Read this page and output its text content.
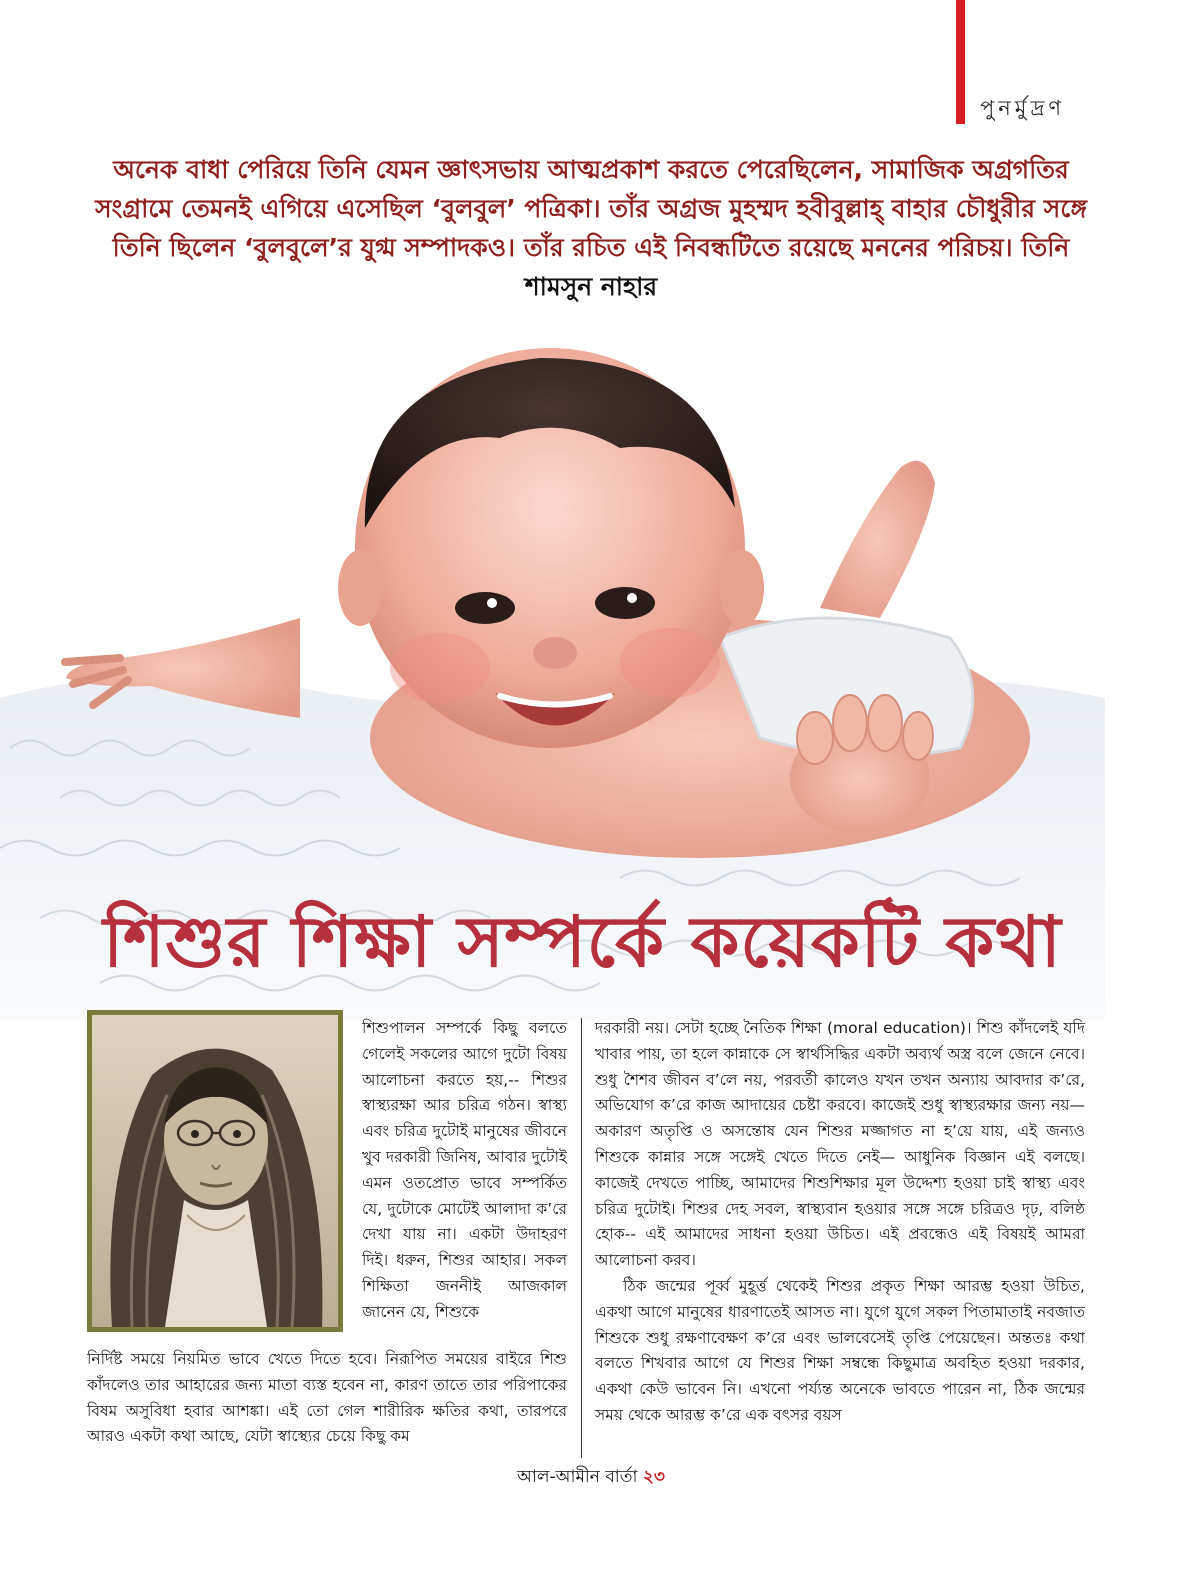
পুনর্মুদ্রণ
অনেক বাধা পেরিয়ে তিনি যেমন জ্ঞাৎসভায় আত্মপ্রকাশ করতে পেরেছিলেন, সামাজিক অগ্রগতির সংগ্রামে তেমনই এগিয়ে এসেছিল ‘বুলবুল’ পত্রিকা। তাঁর অগ্রজ মুহম্মদ হবীবুল্লাহ্ বাহার চৌধুরীর সঙ্গে তিনি ছিলেন ‘বুলবুলে’র যুগ্ম সম্পাদকও। তাঁর রচিত এই নিবন্ধটিতে রয়েছে মননের পরিচয়। তিনি শামসুন নাহার
শিশুর শিক্ষা সম্পর্কে কয়েকটি কথা

শিশুপালন সম্পর্কে কিছু বলতে গেলেই সকলের আগে দুটো বিষয় আলোচনা করতে হয়,-- শিশুর স্বাস্থ্যরক্ষা আর চরিত্র গঠন। স্বাস্থ্য এবং চরিত্র দুটোই মানুষের জীবনে খুব দরকারী জিনিষ, আবার দুটোই এমন ওতপ্রোত ভাবে সম্পর্কিত যে, দুটোকে মোটেই আলাদা ক’রে দেখা যায় না। একটা উদাহরণ দিই। ধরুন, শিশুর আহার। সকল শিক্ষিতা জননীই আজকাল জানেন যে, শিশুকে

নির্দিষ্ট সময়ে নিয়মিত ভাবে খেতে দিতে হবে। নিরূপিত সময়ের বাইরে শিশু কাঁদলেও তার আহারের জন্য মাতা ব্যস্ত হবেন না, কারণ তাতে তার পরিপাকের বিষম অসুবিধা হবার আশঙ্কা। এই তো গেল শারীরিক ক্ষতির কথা, তারপরে আরও একটা কথা আছে, যেটা স্বাস্থ্যের চেয়ে কিছু কম

দরকারী নয়। সেটা হচ্ছে নৈতিক শিক্ষা (moral education)। শিশু কাঁদলেই যদি খাবার পায়, তা হলে কান্নাকে সে স্বার্থসিদ্ধির একটা অব্যর্থ অস্ত্র বলে জেনে নেবে। শুধু শৈশব জীবন ব’লে নয়, পরবর্তী কালেও যখন তখন অন্যায় আবদার ক’রে, অভিযোগ ক’রে কাজ আদায়ের চেষ্টা করবে। কাজেই শুধু স্বাস্থ্যরক্ষার জন্য নয়— অকারণ অতৃপ্তি ও অসন্তোষ যেন শিশুর মজ্জাগত না হ’য়ে যায়, এই জন্যও শিশুকে কান্নার সঙ্গে সঙ্গেই খেতে দিতে নেই— আধুনিক বিজ্ঞান এই বলছে। কাজেই দেখতে পাচ্ছি, আমাদের শিশুশিক্ষার মূল উদ্দেশ্য হওয়া চাই স্বাস্থ্য এবং চরিত্র দুটোই। শিশুর দেহ সবল, স্বাস্থ্যবান হওয়ার সঙ্গে সঙ্গে চরিত্রও দৃঢ়, বলিষ্ঠ হোক-- এই আমাদের সাধনা হওয়া উচিত। এই প্রবন্ধেও এই বিষয়ই আমরা আলোচনা করব।

ঠিক জন্মের পূর্ব্ব মুহূর্ত্ত থেকেই শিশুর প্রকৃত শিক্ষা আরম্ভ হওয়া উচিত, একথা আগে মানুষের ধারণাতেই আসত না। যুগে যুগে সকল পিতামাতাই নবজাত শিশুকে শুধু রক্ষণাবেক্ষণ ক’রে এবং ভালবেসেই তৃপ্তি পেয়েছেন। অন্ততঃ কথা বলতে শিখবার আগে যে শিশুর শিক্ষা সম্বন্ধে কিছুমাত্র অবহিত হওয়া দরকার, একথা কেউ ভাবেন নি। এখনো পর্য্যন্ত অনেকে ভাবতে পারেন না, ঠিক জন্মের সময় থেকে আরম্ভ ক’রে এক বৎসর বয়স

আল-আমীন বার্তা ২৩
